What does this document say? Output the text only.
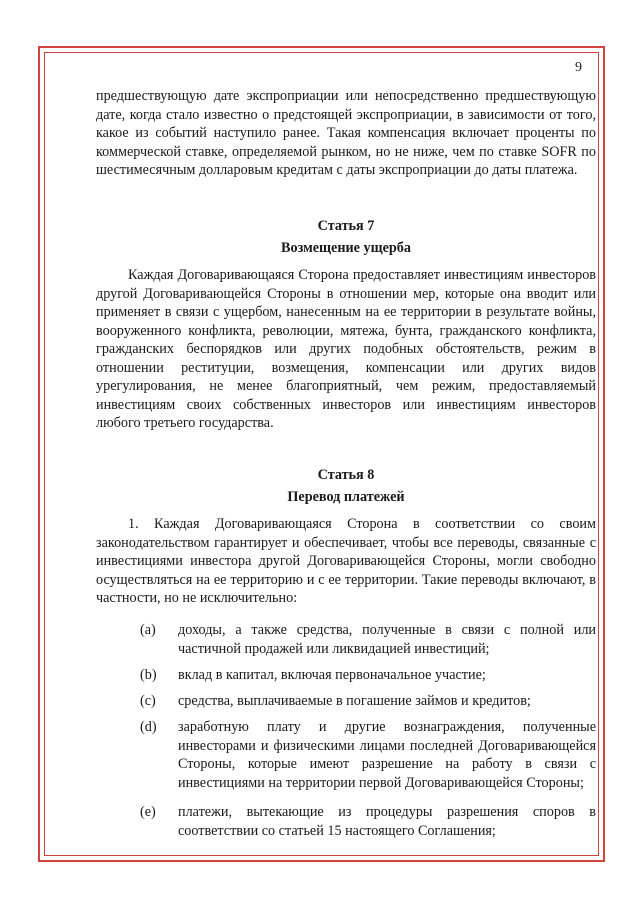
9
предшествующую дате экспроприации или непосредственно предшествующую дате, когда стало известно о предстоящей экспроприации, в зависимости от того, какое из событий наступило ранее. Такая компенсация включает проценты по коммерческой ставке, определяемой рынком, но не ниже, чем по ставке SOFR по шестимесячным долларовым кредитам с даты экспроприации до даты платежа.
Статья 7
Возмещение ущерба
Каждая Договаривающаяся Сторона предоставляет инвестициям инвесторов другой Договаривающейся Стороны в отношении мер, которые она вводит или применяет в связи с ущербом, нанесенным на ее территории в результате войны, вооруженного конфликта, революции, мятежа, бунта, гражданского конфликта, гражданских беспорядков или других подобных обстоятельств, режим в отношении реституции, возмещения, компенсации или других видов урегулирования, не менее благоприятный, чем режим, предоставляемый инвестициям своих собственных инвесторов или инвестициям инвесторов любого третьего государства.
Статья 8
Перевод платежей
1. Каждая Договаривающаяся Сторона в соответствии со своим законодательством гарантирует и обеспечивает, чтобы все переводы, связанные с инвестициями инвестора другой Договаривающейся Стороны, могли свободно осуществляться на ее территорию и с ее территории. Такие переводы включают, в частности, но не исключительно:
(a) доходы, а также средства, полученные в связи с полной или частичной продажей или ликвидацией инвестиций;
(b) вклад в капитал, включая первоначальное участие;
(c) средства, выплачиваемые в погашение займов и кредитов;
(d) заработную плату и другие вознаграждения, полученные инвесторами и физическими лицами последней Договаривающейся Стороны, которые имеют разрешение на работу в связи с инвестициями на территории первой Договаривающейся Стороны;
(e) платежи, вытекающие из процедуры разрешения споров в соответствии со статьей 15 настоящего Соглашения;
